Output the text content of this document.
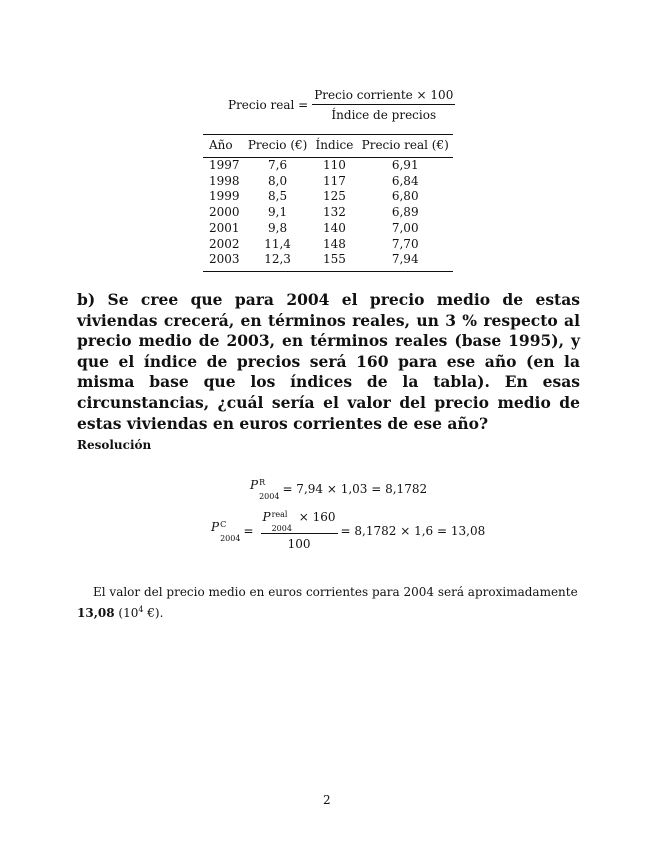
Precio real = $\frac{\text{Precio corriente × 100}}{\text{Índice de precios}}$
Año	Precio (€)	Índice	Precio real (€)
1997	7,6	110	6,91
1998	8,0	117	6,84
1999	8,5	125	6,80
2000	9,1	132	6,89
2001	9,8	140	7,00
2002	11,4	148	7,70
2003	12,3	155	7,94
b) Se cree que para 2004 el precio medio de estas viviendas crecerá, en términos reales, un 3 % respecto al precio medio de 2003, en términos reales (base 1995), y que el índice de precios será 160 para ese año (en la misma base que los índices de la tabla). En esas circunstancias, ¿cuál sería el valor del precio medio de estas viviendas en euros corrientes de ese año?
Resolución
P R
2004
= 7,94 × 1,03 = 8,1782
P C
2004
=
P real
2004
× 160
100
= 8,1782 × 1,6 = 13,08
El valor del precio medio en euros corrientes para 2004 será aproximadamente 13,08 ($10^4$ €).
2
